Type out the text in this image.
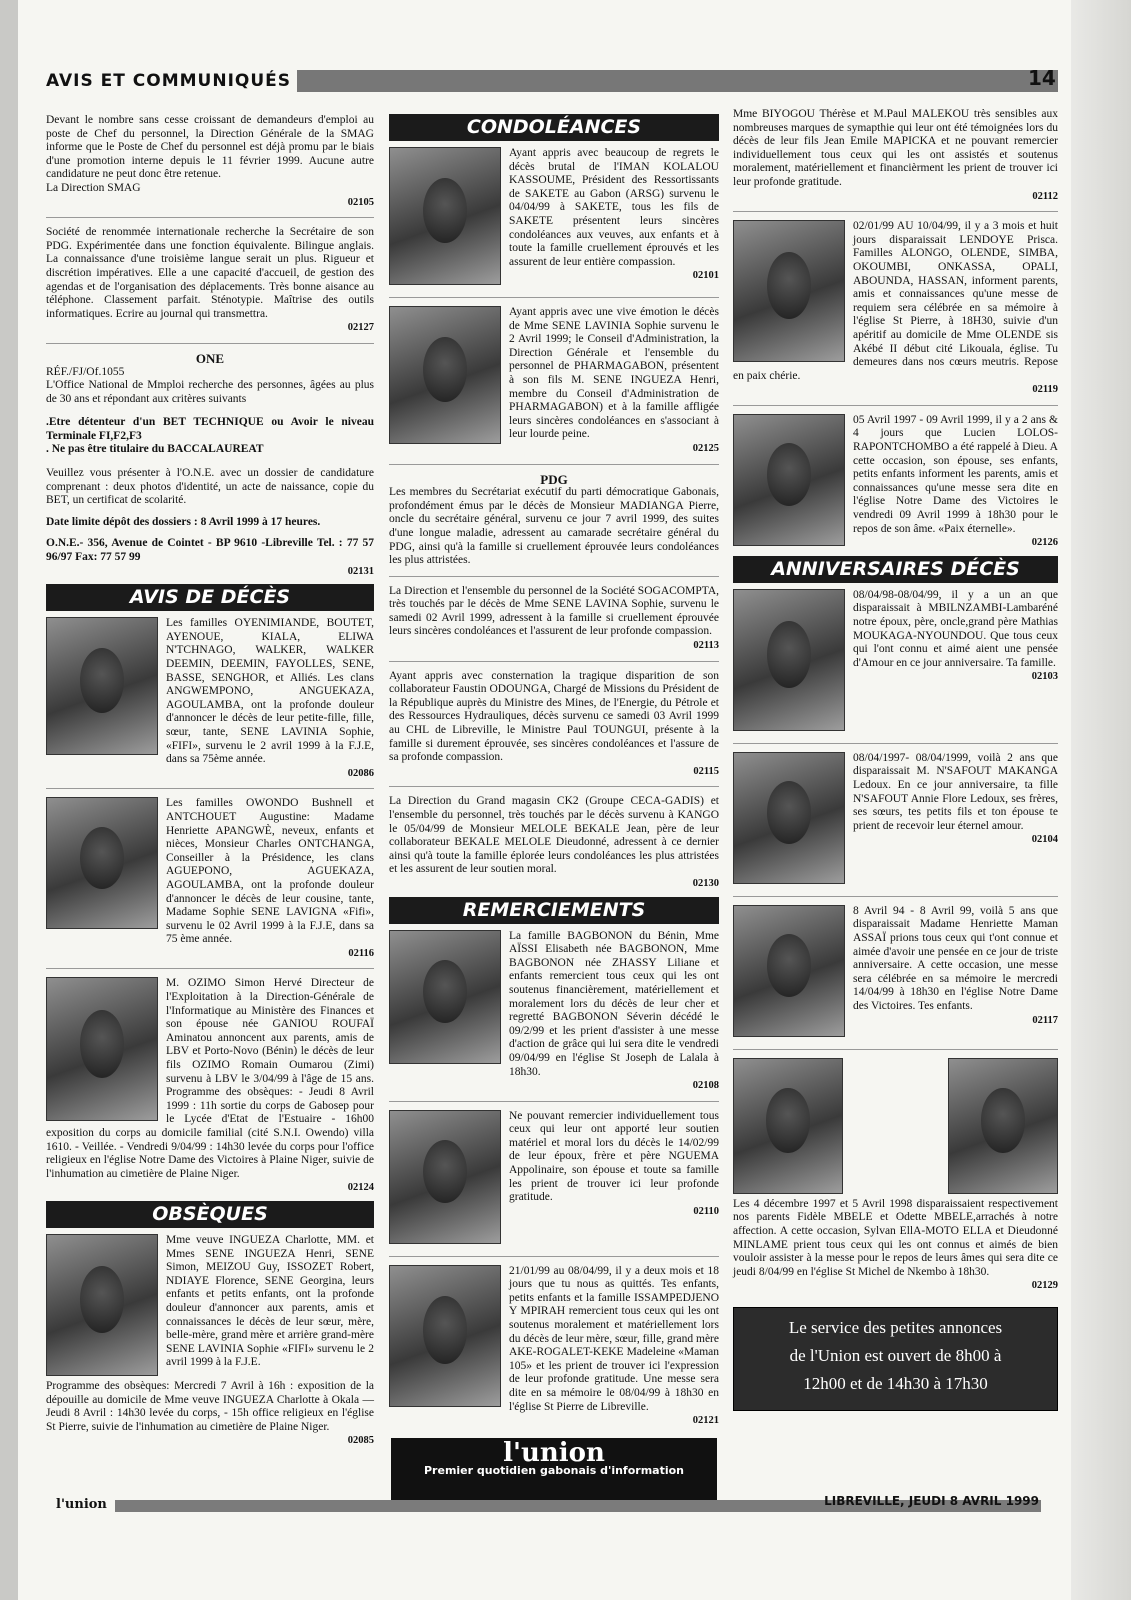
AVIS ET COMMUNIQUÉS	14

Devant le nombre sans cesse croissant de demandeurs d'emploi au poste de Chef du personnel, la Direction Générale de la SMAG informe que le Poste de Chef du personnel est déjà promu par le biais d'une promotion interne depuis le 11 février 1999. Aucune autre candidature ne peut donc être retenue.

La Direction SMAG

02105

Société de renommée internationale recherche la Secrétaire de son PDG. Expérimentée dans une fonction équivalente. Bilingue anglais. La connaissance d'une troisième langue serait un plus. Rigueur et discrétion impératives. Elle a une capacité d'accueil, de gestion des agendas et de l'organisation des déplacements. Très bonne aisance au téléphone. Classement parfait. Sténotypie. Maîtrise des outils informatiques. Ecrire au journal qui transmettra.

02127

ONE

RÉF./FJ/Of.1055

L'Office National de Mmploi recherche des personnes, âgées au plus de 30 ans et répondant aux critères suivants

.Etre détenteur d'un BET TECHNIQUE ou Avoir le niveau Terminale FI,F2,F3

. Ne pas être titulaire du BACCALAUREAT

Veuillez vous présenter à l'O.N.E. avec un dossier de candidature comprenant : deux photos d'identité, un acte de naissance, copie du BET, un certificat de scolarité.

Date limite dépôt des dossiers : 8 Avril 1999 à 17 heures.

O.N.E.- 356, Avenue de Cointet - BP 9610 -Libreville Tel. : 77 57 96/97 Fax: 77 57 99

02131

AVIS DE DÉCÈS

Les familles OYENIMIANDE, BOUTET, AYENOUE, KIALA, ELIWA N'TCHNAGO, WALKER, WALKER DEEMIN, DEEMIN, FAYOLLES, SENE, BASSE, SENGHOR, et Alliés. Les clans ANGWEMPONO, ANGUEKAZA, AGOULAMBA, ont la profonde douleur d'annoncer le décès de leur petite-fille, fille, sœur, tante, SENE LAVINIA Sophie, «FIFI», survenu le 2 avril 1999 à la F.J.E, dans sa 75ème année.

02086

Les familles OWONDO Bushnell et ANTCHOUET Augustine: Madame Henriette APANGWÈ, neveux, enfants et nièces, Monsieur Charles ONTCHANGA, Conseiller à la Présidence, les clans AGUEPONO, AGUEKAZA, AGOULAMBA, ont la profonde douleur d'annoncer le décès de leur cousine, tante, Madame Sophie SENE LAVIGNA «Fifi», survenu le 02 Avril 1999 à la F.J.E, dans sa 75 ème année.

02116

M. OZIMO Simon Hervé Directeur de l'Exploitation à la Direction-Générale de l'Informatique au Ministère des Finances et son épouse née GANIOU ROUFAÏ Aminatou annoncent aux parents, amis de LBV et Porto-Novo (Bénin) le décès de leur fils OZIMO Romain Oumarou (Zimi) survenu à LBV le 3/04/99 à l'âge de 15 ans. Programme des obsèques: - Jeudi 8 Avril 1999 : 11h sortie du corps de Gabosep pour le Lycée d'Etat de l'Estuaire - 16h00 exposition du corps au domicile familial (cité S.N.I. Owendo) villa 1610. - Veillée. - Vendredi 9/04/99 : 14h30 levée du corps pour l'office religieux en l'église Notre Dame des Victoires à Plaine Niger, suivie de l'inhumation au cimetière de Plaine Niger.

02124

OBSÈQUES

Mme veuve INGUEZA Charlotte, MM. et Mmes SENE INGUEZA Henri, SENE Simon, MEIZOU Guy, ISSOZET Robert, NDIAYE Florence, SENE Georgina, leurs enfants et petits enfants, ont la profonde douleur d'annoncer aux parents, amis et connaissances le décès de leur sœur, mère, belle-mère, grand mère et arrière grand-mère SENE LAVINIA Sophie «FIFI» survenu le 2 avril 1999 à la F.J.E.

Programme des obsèques: Mercredi 7 Avril à 16h : exposition de la dépouille au domicile de Mme veuve INGUEZA Charlotte à Okala — Jeudi 8 Avril : 14h30 levée du corps, - 15h office religieux en l'église St Pierre, suivie de l'inhumation au cimetière de Plaine Niger.

02085

CONDOLÉANCES

Ayant appris avec beaucoup de regrets le décès brutal de l'IMAN KOLALOU KASSOUME, Président des Ressortissants de SAKETE au Gabon (ARSG) survenu le 04/04/99 à SAKETE, tous les fils de SAKETE présentent leurs sincères condoléances aux veuves, aux enfants et à toute la famille cruellement éprouvés et les assurent de leur entière compassion.

02101

Ayant appris avec une vive émotion le décès de Mme SENE LAVINIA Sophie survenu le 2 Avril 1999; le Conseil d'Administration, la Direction Générale et l'ensemble du personnel de PHARMAGABON, présentent à son fils M. SENE INGUEZA Henri, membre du Conseil d'Administration de PHARMAGABON) et à la famille affligée leurs sincères condoléances en s'associant à leur lourde peine.

02125

PDG

Les membres du Secrétariat exécutif du parti démocratique Gabonais, profondément émus par le décès de Monsieur MADIANGA Pierre, oncle du secrétaire général, survenu ce jour 7 avril 1999, des suites d'une longue maladie, adressent au camarade secrétaire général du PDG, ainsi qu'à la famille si cruellement éprouvée leurs condoléances les plus attristées.

La Direction et l'ensemble du personnel de la Société SOGACOMPTA, très touchés par le décès de Mme SENE LAVINA Sophie, survenu le samedi 02 Avril 1999, adressent à la famille si cruellement éprouvée leurs sincères condoléances et l'assurent de leur profonde compassion.

02113

Ayant appris avec consternation la tragique disparition de son collaborateur Faustin ODOUNGA, Chargé de Missions du Président de la République auprès du Ministre des Mines, de l'Energie, du Pétrole et des Ressources Hydrauliques, décès survenu ce samedi 03 Avril 1999 au CHL de Libreville, le Ministre Paul TOUNGUI, présente à la famille si durement éprouvée, ses sincères condoléances et l'assure de sa profonde compassion.

02115

La Direction du Grand magasin CK2 (Groupe CECA-GADIS) et l'ensemble du personnel, très touchés par le décès survenu à KANGO le 05/04/99 de Monsieur MELOLE BEKALE Jean, père de leur collaborateur BEKALE MELOLE Dieudonné, adressent à ce dernier ainsi qu'à toute la famille éplorée leurs condoléances les plus attristées et les assurent de leur soutien moral.

02130

REMERCIEMENTS

La famille BAGBONON du Bénin, Mme AÏSSI Elisabeth née BAGBONON, Mme BAGBONON née ZHASSY Liliane et enfants remercient tous ceux qui les ont soutenus financièrement, matériellement et moralement lors du décès de leur cher et regretté BAGBONON Séverin décédé le 09/2/99 et les prient d'assister à une messe d'action de grâce qui lui sera dite le vendredi 09/04/99 en l'église St Joseph de Lalala à 18h30.

02108

Ne pouvant remercier individuellement tous ceux qui leur ont apporté leur soutien matériel et moral lors du décès le 14/02/99 de leur époux, frère et père NGUEMA Appolinaire, son épouse et toute sa famille les prient de trouver ici leur profonde gratitude.

02110

21/01/99 au 08/04/99, il y a deux mois et 18 jours que tu nous as quittés. Tes enfants, petits enfants et la famille ISSAMPEDJENO Y MPIRAH remercient tous ceux qui les ont soutenus moralement et matériellement lors du décès de leur mère, sœur, fille, grand mère AKE-ROGALET-KEKE Madeleine «Maman 105» et les prient de trouver ici l'expression de leur profonde gratitude. Une messe sera dite en sa mémoire le 08/04/99 à 18h30 en l'église St Pierre de Libreville.

02121

l'union
Premier quotidien gabonais d'information

Mme BIYOGOU Thérèse et M.Paul MALEKOU très sensibles aux nombreuses marques de symapthie qui leur ont été témoignées lors du décès de leur fils Jean Emile MAPICKA et ne pouvant remercier individuellement tous ceux qui les ont assistés et soutenus moralement, matériellement et financièrment les prient de trouver ici leur profonde gratitude.

02112

02/01/99 AU 10/04/99, il y a 3 mois et huit jours disparaissait LENDOYE Prisca. Familles ALONGO, OLENDE, SIMBA, OKOUMBI, ONKASSA, OPALI, ABOUNDA, HASSAN, informent parents, amis et connaissances qu'une messe de requiem sera célébrée en sa mémoire à l'église St Pierre, à 18H30, suivie d'un apéritif au domicile de Mme OLENDE sis Akébé II début cité Likouala, église. Tu demeures dans nos cœurs meutris. Repose en paix chérie.

02119

05 Avril 1997 - 09 Avril 1999, il y a 2 ans & 4 jours que Lucien LOLOS-RAPONTCHOMBO a été rappelé à Dieu. A cette occasion, son épouse, ses enfants, petits enfants informent les parents, amis et connaissances qu'une messe sera dite en l'église Notre Dame des Victoires le vendredi 09 Avril 1999 à 18h30 pour le repos de son âme. «Paix éternelle».

02126

ANNIVERSAIRES DÉCÈS

08/04/98-08/04/99, il y a un an que disparaissait à MBILNZAMBI-Lambaréné notre époux, père, oncle,grand père Mathias MOUKAGA-NYOUNDOU. Que tous ceux qui l'ont connu et aimé aient une pensée d'Amour en ce jour anniversaire. Ta famille.

02103

08/04/1997- 08/04/1999, voilà 2 ans que disparaissait M. N'SAFOUT MAKANGA Ledoux. En ce jour anniversaire, ta fille N'SAFOUT Annie Flore Ledoux, ses frères, ses sœurs, tes petits fils et ton épouse te prient de recevoir leur éternel amour.

02104

8 Avril 94 - 8 Avril 99, voilà 5 ans que disparaissait Madame Henriette Maman ASSAÏ prions tous ceux qui t'ont connue et aimée d'avoir une pensée en ce jour de triste anniversaire. A cette occasion, une messe sera célébrée en sa mémoire le mercredi 14/04/99 à 18h30 en l'église Notre Dame des Victoires. Tes enfants.

02117

Les 4 décembre 1997 et 5 Avril 1998 disparaissaient respectivement nos parents Fidèle MBELE et Odette MBELE,arrachés à notre affection. A cette occasion, Sylvan EllA-MOTO ELLA et Dieudonné MINLAME prient tous ceux qui les ont connus et aimés de bien vouloir assister à la messe pour le repos de leurs âmes qui sera dite ce jeudi 8/04/99 en l'église St Michel de Nkembo à 18h30.

02129

Le service des petites annonces
de l'Union est ouvert de 8h00 à
12h00 et de 14h30 à 17h30
l'union	LIBREVILLE, JEUDI 8 AVRIL 1999
